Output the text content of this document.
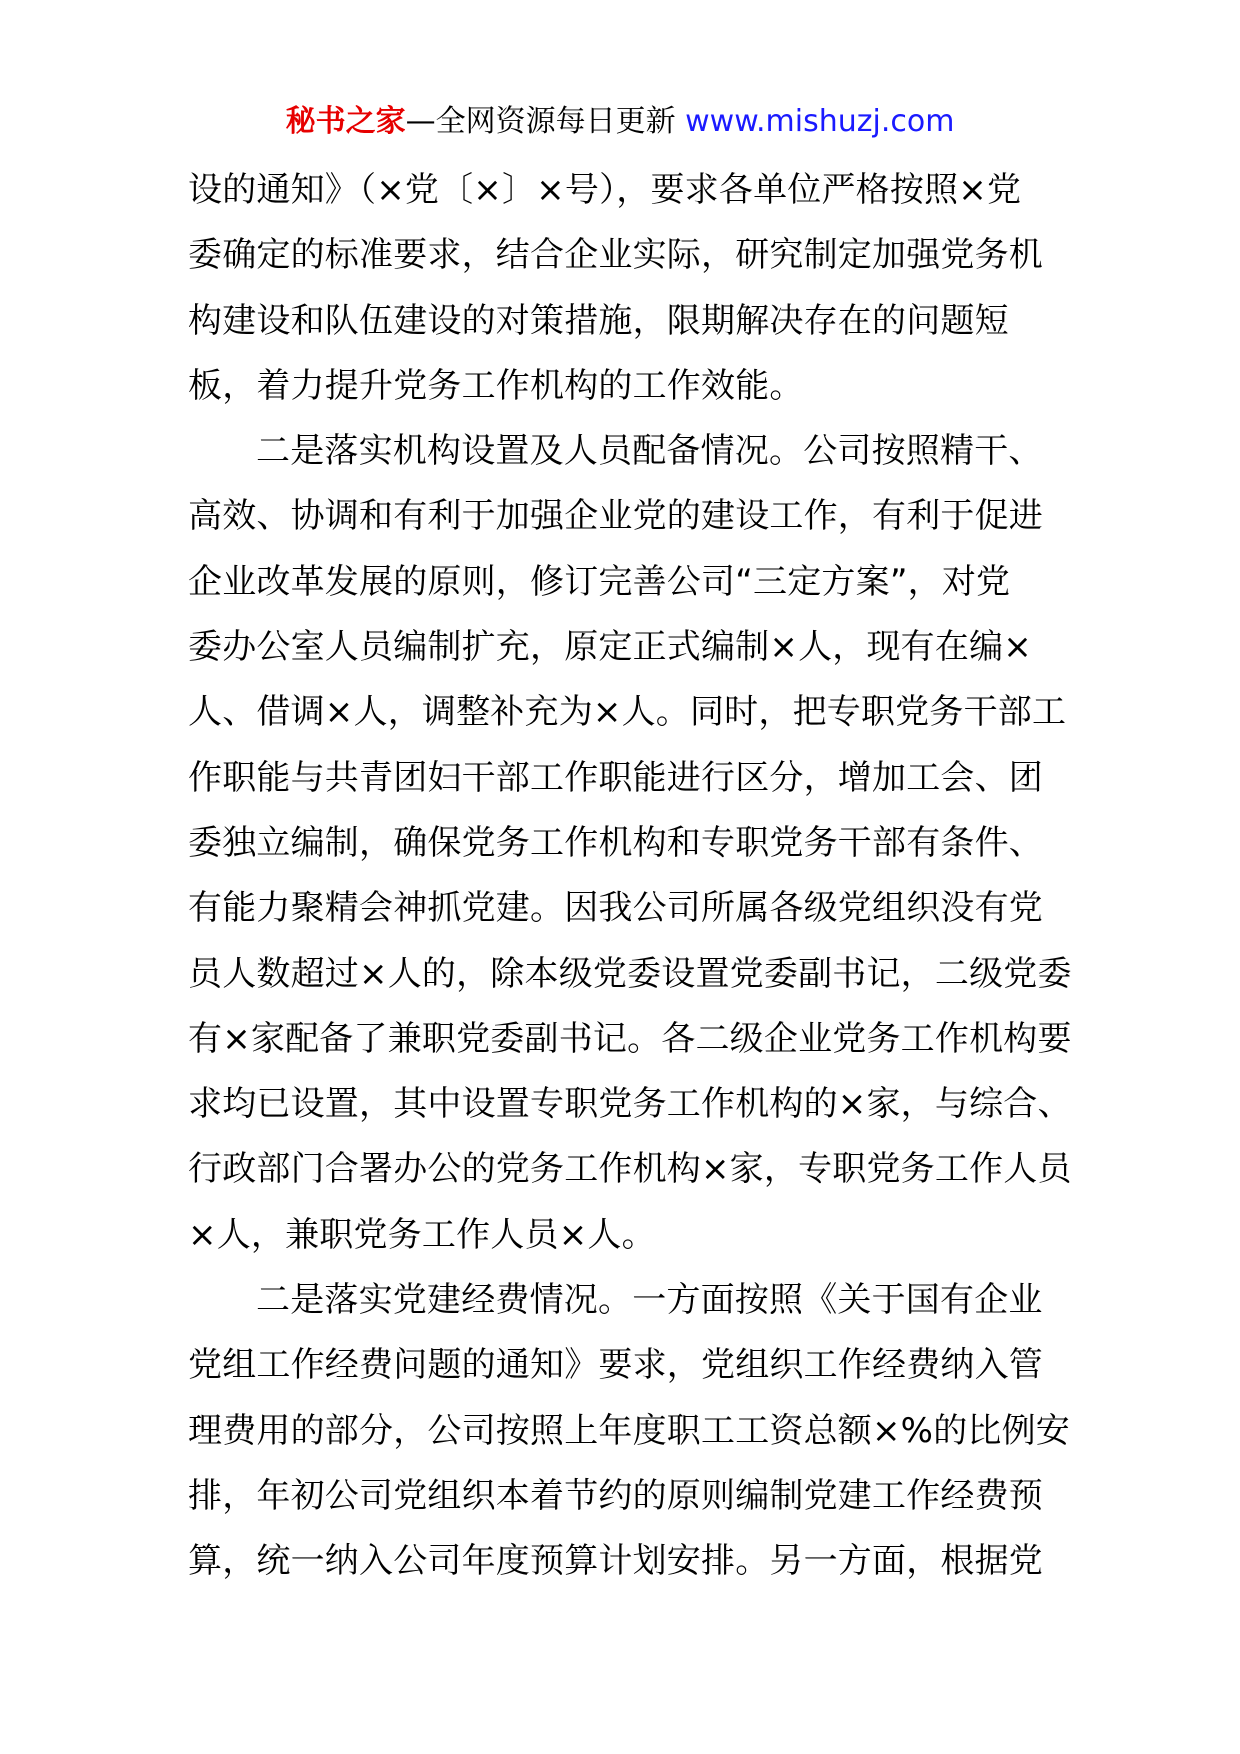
秘书之家—全网资源每日更新 www.mishuzj.com
设的通知》（×党〔×〕×号），要求各单位严格按照×党
委确定的标准要求，结合企业实际，研究制定加强党务机
构建设和队伍建设的对策措施，限期解决存在的问题短
板，着力提升党务工作机构的工作效能。
二是落实机构设置及人员配备情况。公司按照精干、
高效、协调和有利于加强企业党的建设工作，有利于促进
企业改革发展的原则，修订完善公司“三定方案”，对党
委办公室人员编制扩充，原定正式编制×人，现有在编×
人、借调×人，调整补充为×人。同时，把专职党务干部工
作职能与共青团妇干部工作职能进行区分，增加工会、团
委独立编制，确保党务工作机构和专职党务干部有条件、
有能力聚精会神抓党建。因我公司所属各级党组织没有党
员人数超过×人的，除本级党委设置党委副书记，二级党委
有×家配备了兼职党委副书记。各二级企业党务工作机构要
求均已设置，其中设置专职党务工作机构的×家，与综合、
行政部门合署办公的党务工作机构×家，专职党务工作人员
×人，兼职党务工作人员×人。
二是落实党建经费情况。一方面按照《关于国有企业
党组工作经费问题的通知》要求，党组织工作经费纳入管
理费用的部分，公司按照上年度职工工资总额×%的比例安
排，年初公司党组织本着节约的原则编制党建工作经费预
算，统一纳入公司年度预算计划安排。另一方面，根据党
